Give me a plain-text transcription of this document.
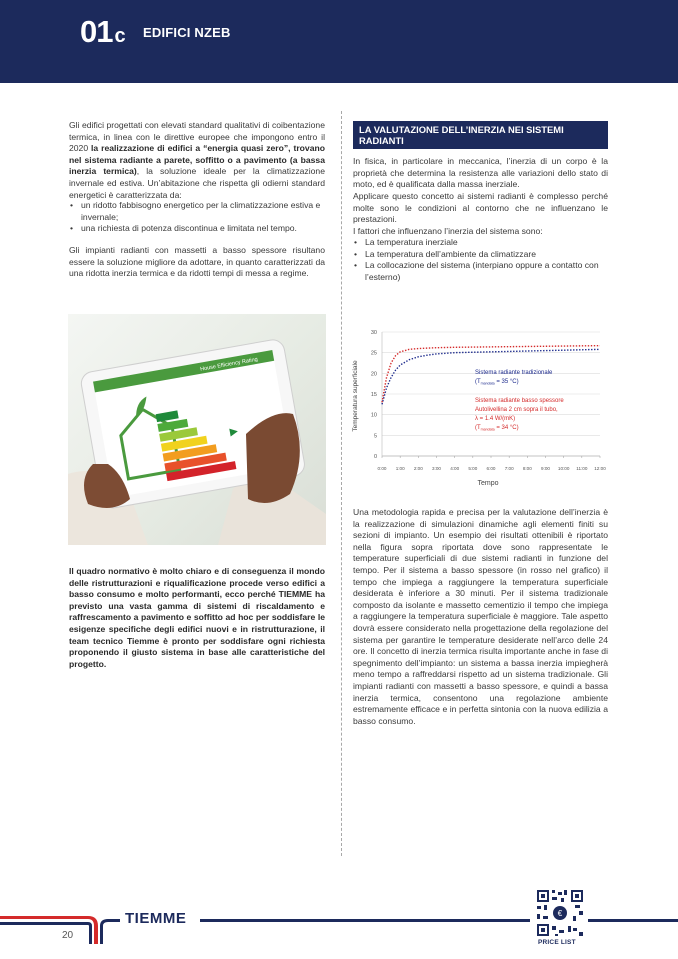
01 c EDIFICI NZEB

Gli edifici progettati con elevati standard qualitativi di coibentazione termica, in linea con le direttive europee che impongono entro il 2020 la realizzazione di edifici a “energia quasi zero”, trovano nel sistema radiante a parete, soffitto o a pavimento (a bassa inerzia termica), la soluzione ideale per la climatizzazione invernale ed estiva. Un’abitazione che rispetta gli odierni standard energetici è caratterizzata da:

• un ridotto fabbisogno energetico per la climatizzazione estiva e invernale;
• una richiesta di potenza discontinua e limitata nel tempo.

Gli impianti radianti con massetti a basso spessore risultano essere la soluzione migliore da adottare, in quanto caratterizzati da una ridotta inerzia termica e da ridotti tempi di messa a regime.

House Efficiency Rating

Il quadro normativo è molto chiaro e di conseguenza il mondo delle ristrutturazioni e riqualificazione procede verso edifici a basso consumo e molto performanti, ecco perché TIEMME ha previsto una vasta gamma di sistemi di riscaldamento e raffrescamento a pavimento e soffitto ad hoc per soddisfare le esigenze specifiche degli edifici nuovi e in ristrutturazione, il team tecnico Tiemme è pronto per soddisfare ogni richiesta proponendo il giusto sistema in base alle caratteristiche del progetto.

LA VALUTAZIONE DELL’INERZIA NEI SISTEMI RADIANTI

In fisica, in particolare in meccanica, l’inerzia di un corpo è la proprietà che determina la resistenza alle variazioni dello stato di moto, ed è qualificata dalla massa inerziale.

Applicare questo concetto ai sistemi radianti è complesso perché molte sono le condizioni al contorno che ne influenzano le prestazioni.

I fattori che influenzano l’inerzia del sistema sono:

• La temperatura inerziale
• La temperatura dell’ambiente da climatizzare
• La collocazione del sistema (interpiano oppure a contatto con l’esterno)
0
5
10
15
20
25
30
0:00 1:00 2:00 3:00 4:00 5:00 6:00 7:00 8:00 9:00 10:00 11:00 12:00
Temperatura superficiale
Tempo
Sistema radiante tradizionale
($T_{mandata} = 35$ °C)
Sistema radiante basso spessore
Autolivellina 2 cm sopra il tubo,
λ = 1.4 W/(mK)
($T_{mandata} = 34$ °C)

Una metodologia rapida e precisa per la valutazione dell’inerzia è la realizzazione di simulazioni dinamiche agli elementi finiti su sezioni di impianto. Un esempio dei risultati ottenibili è riportato nella figura sopra riportata dove sono rappresentate le temperature superficiali di due sistemi radianti in funzione del tempo. Per il sistema a basso spessore (in rosso nel grafico) il tempo che impiega a raggiungere la temperatura superficiale desiderata è inferiore a 30 minuti. Per il sistema tradizionale composto da isolante e massetto cementizio il tempo che impiega a raggiungere la temperatura superficiale è maggiore. Tale aspetto dovrà essere considerato nella progettazione della regolazione del sistema per garantire le temperature desiderate nell’arco delle 24 ore. Il concetto di inerzia termica risulta importante anche in fase di spegnimento dell’impianto: un sistema a bassa inerzia impiegherà meno tempo a raffreddarsi rispetto ad un sistema tradizionale. Gli impianti radianti con massetti a basso spessore, e quindi a bassa inerzia termica, consentono una regolazione ambiente estremamente efficace e in perfetta sintonia con la nuova edilizia a basso consumo.

TIEMME
20
€
PRICE LIST
